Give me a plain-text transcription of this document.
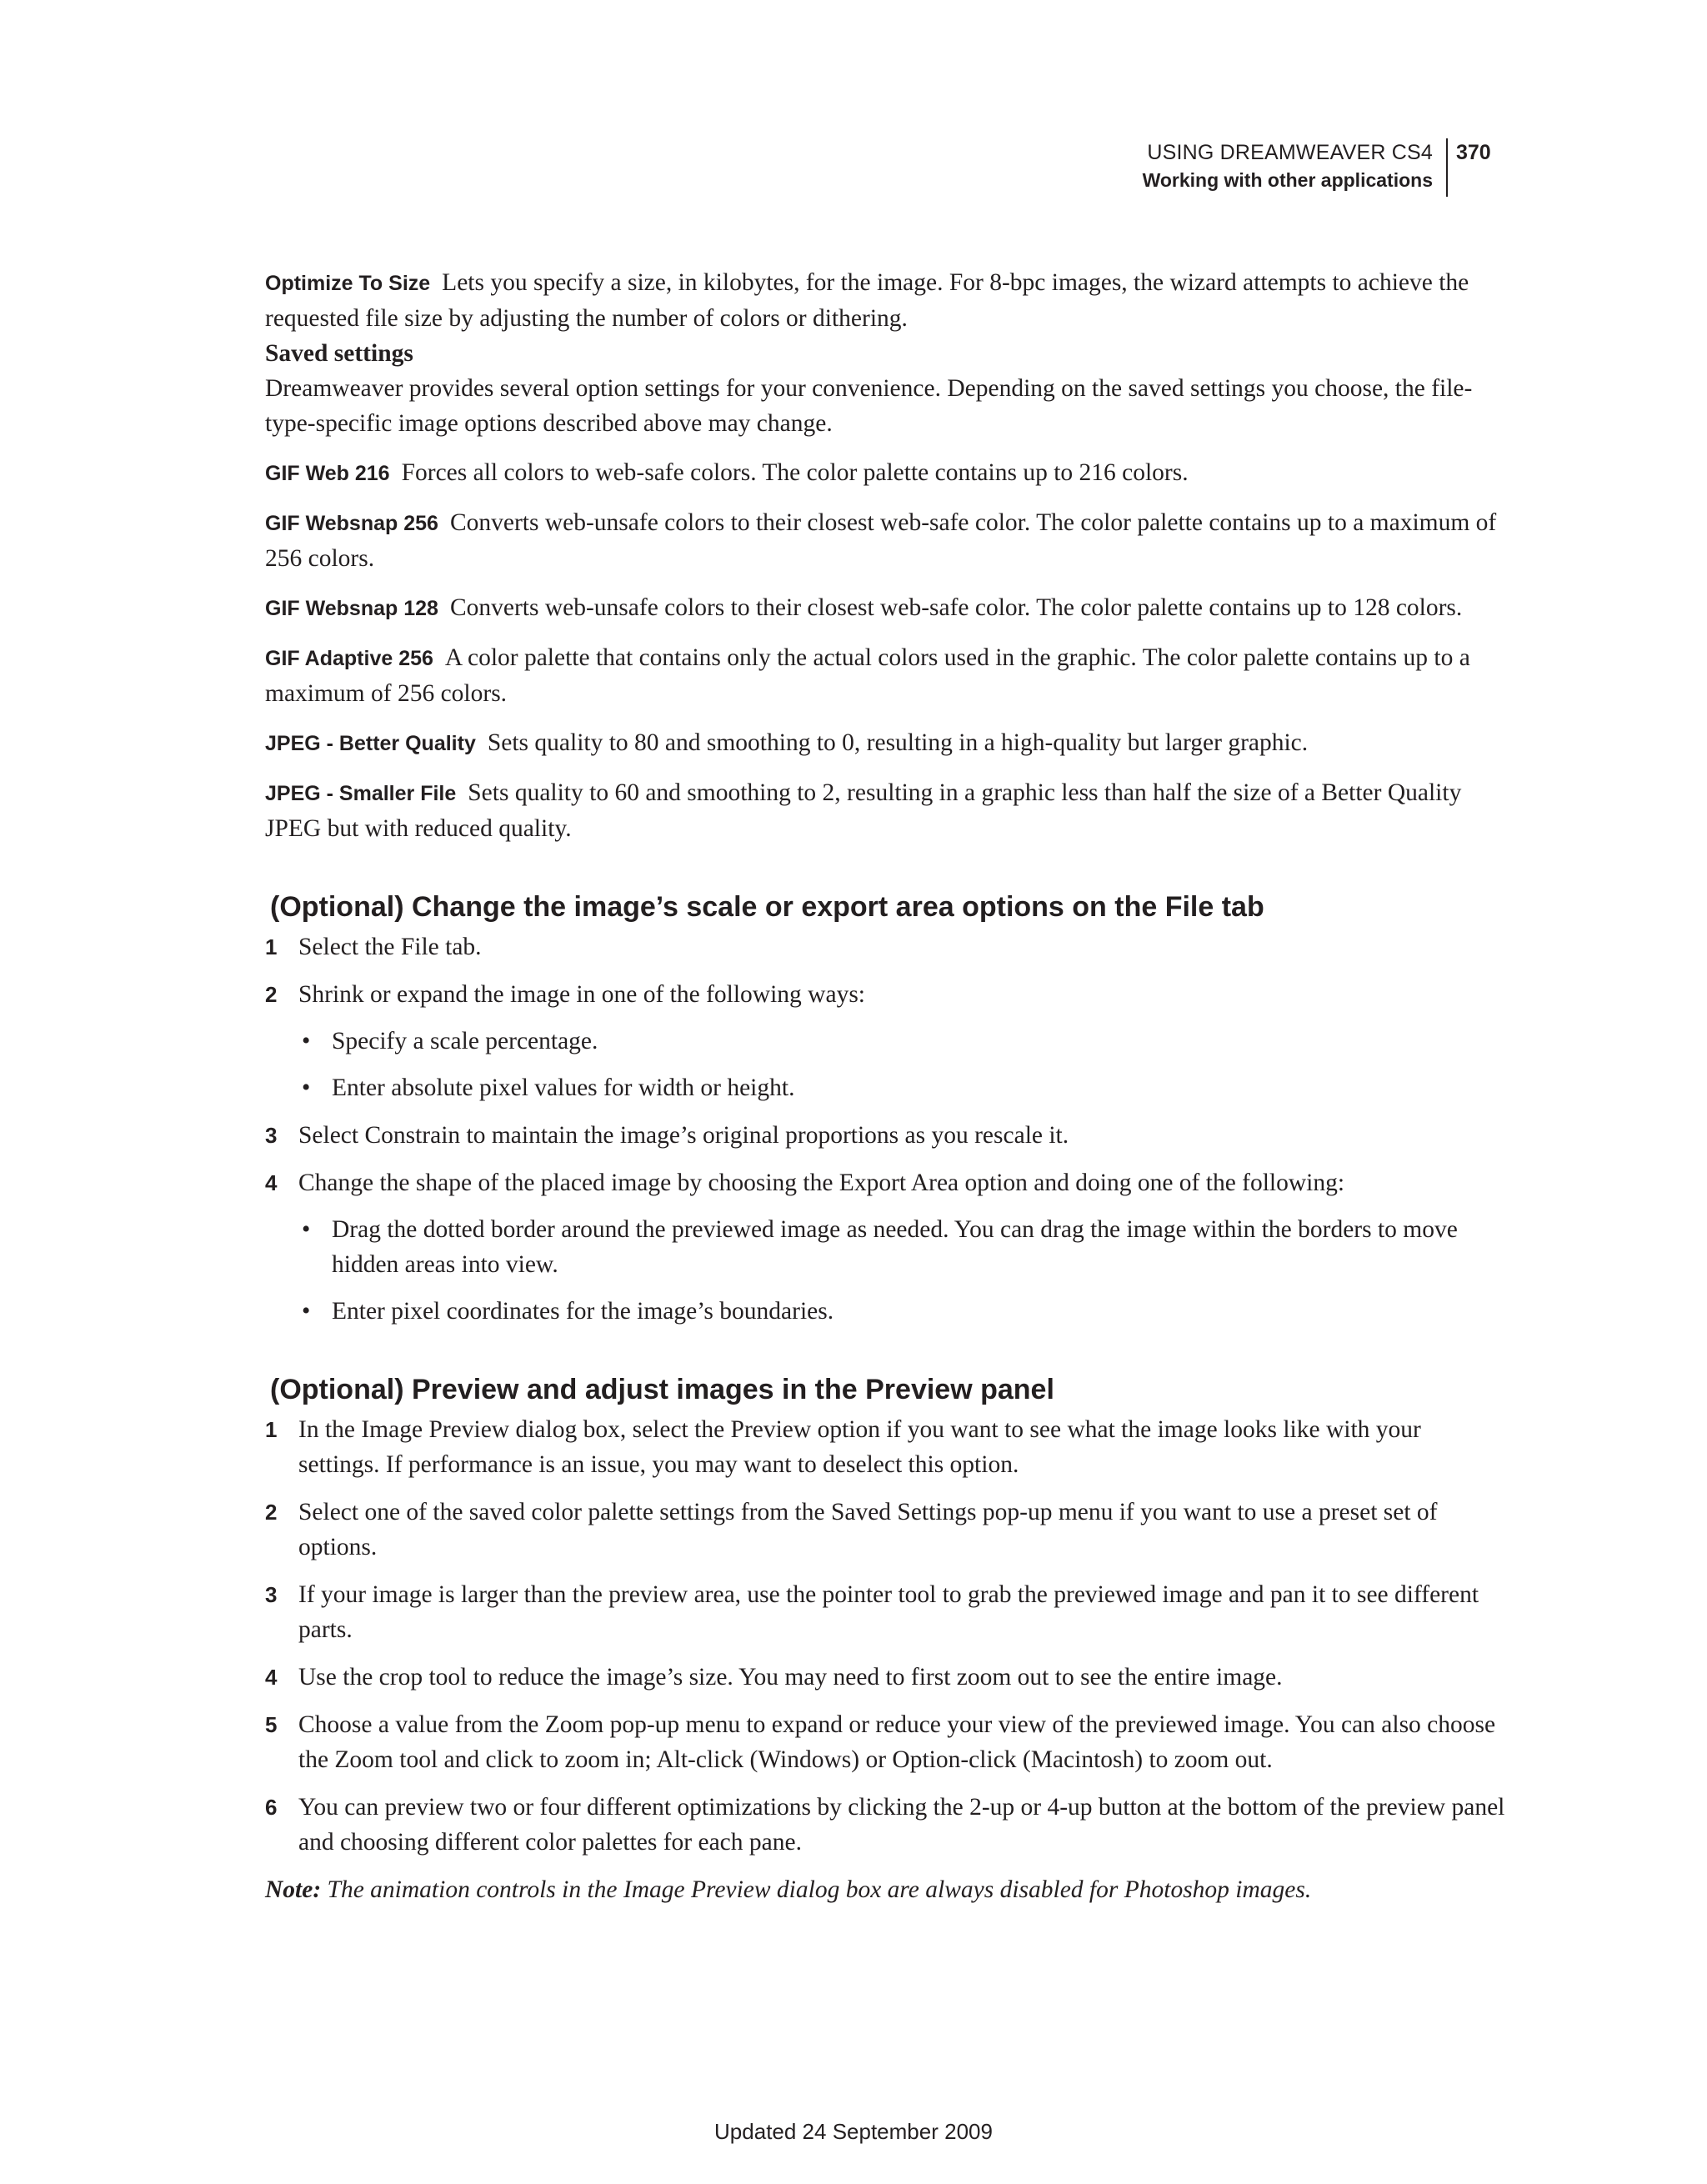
USING DREAMWEAVER CS4
Working with other applications
370

Optimize To Size Lets you specify a size, in kilobytes, for the image. For 8-bpc images, the wizard attempts to achieve the requested file size by adjusting the number of colors or dithering.

Saved settings

Dreamweaver provides several option settings for your convenience. Depending on the saved settings you choose, the file-type-specific image options described above may change.

GIF Web 216 Forces all colors to web-safe colors. The color palette contains up to 216 colors.

GIF Websnap 256 Converts web-unsafe colors to their closest web-safe color. The color palette contains up to a maximum of 256 colors.

GIF Websnap 128 Converts web-unsafe colors to their closest web-safe color. The color palette contains up to 128 colors.

GIF Adaptive 256 A color palette that contains only the actual colors used in the graphic. The color palette contains up to a maximum of 256 colors.

JPEG - Better Quality Sets quality to 80 and smoothing to 0, resulting in a high-quality but larger graphic.

JPEG - Smaller File Sets quality to 60 and smoothing to 2, resulting in a graphic less than half the size of a Better Quality JPEG but with reduced quality.

(Optional) Change the image’s scale or export area options on the File tab
1 Select the File tab.
2 Shrink or expand the image in one of the following ways:
• Specify a scale percentage.
• Enter absolute pixel values for width or height.
3 Select Constrain to maintain the image’s original proportions as you rescale it.
4 Change the shape of the placed image by choosing the Export Area option and doing one of the following:
• Drag the dotted border around the previewed image as needed. You can drag the image within the borders to move hidden areas into view.
• Enter pixel coordinates for the image’s boundaries.
(Optional) Preview and adjust images in the Preview panel
1 In the Image Preview dialog box, select the Preview option if you want to see what the image looks like with your settings. If performance is an issue, you may want to deselect this option.
2 Select one of the saved color palette settings from the Saved Settings pop-up menu if you want to use a preset set of options.
3 If your image is larger than the preview area, use the pointer tool to grab the previewed image and pan it to see different parts.
4 Use the crop tool to reduce the image’s size. You may need to first zoom out to see the entire image.
5 Choose a value from the Zoom pop-up menu to expand or reduce your view of the previewed image. You can also choose the Zoom tool and click to zoom in; Alt-click (Windows) or Option-click (Macintosh) to zoom out.
6 You can preview two or four different optimizations by clicking the 2-up or 4-up button at the bottom of the preview panel and choosing different color palettes for each pane.

Note: The animation controls in the Image Preview dialog box are always disabled for Photoshop images.

Updated 24 September 2009
